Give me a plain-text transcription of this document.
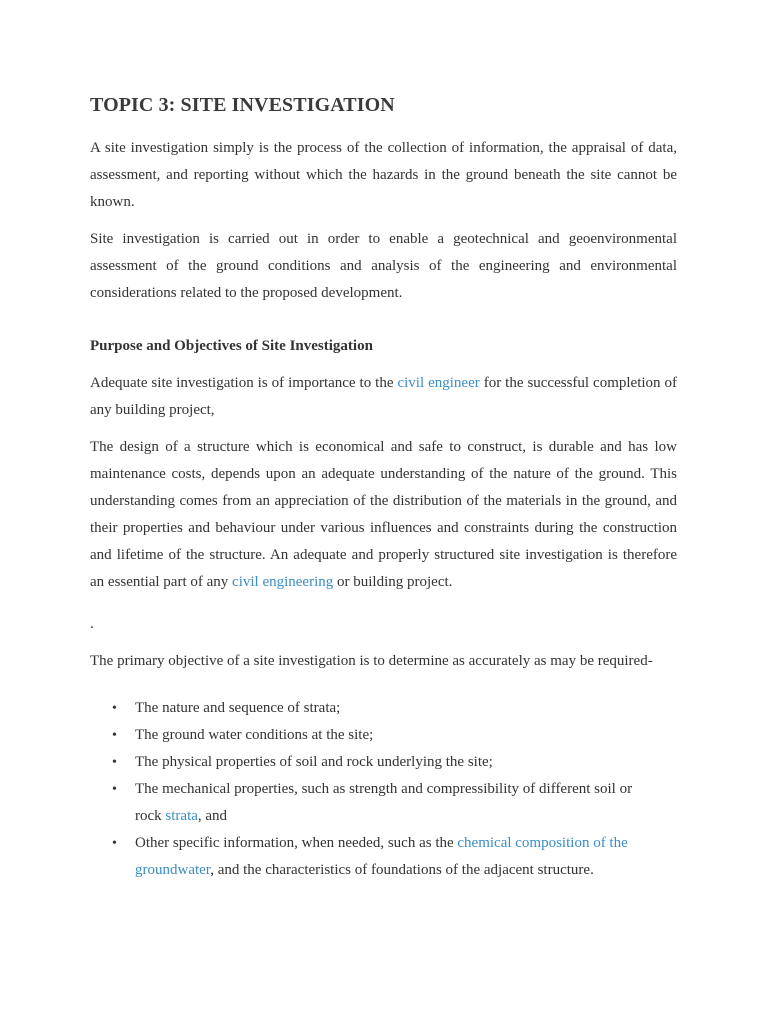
TOPIC 3: SITE INVESTIGATION

A site investigation simply is the process of the collection of information, the appraisal of data, assessment, and reporting without which the hazards in the ground beneath the site cannot be known.

Site investigation is carried out in order to enable a geotechnical and geoenvironmental assessment of the ground conditions and analysis of the engineering and environmental considerations related to the proposed development.

Purpose and Objectives of Site Investigation

Adequate site investigation is of importance to the civil engineer for the successful completion of any building project,

The design of a structure which is economical and safe to construct, is durable and has low maintenance costs, depends upon an adequate understanding of the nature of the ground. This understanding comes from an appreciation of the distribution of the materials in the ground, and their properties and behaviour under various influences and constraints during the construction and lifetime of the structure. An adequate and properly structured site investigation is therefore an essential part of any civil engineering or building project.

.

The primary objective of a site investigation is to determine as accurately as may be required-

• The nature and sequence of strata;
• The ground water conditions at the site;
• The physical properties of soil and rock underlying the site;
• The mechanical properties, such as strength and compressibility of different soil or rock strata, and
• Other specific information, when needed, such as the chemical composition of the groundwater, and the characteristics of foundations of the adjacent structure.
